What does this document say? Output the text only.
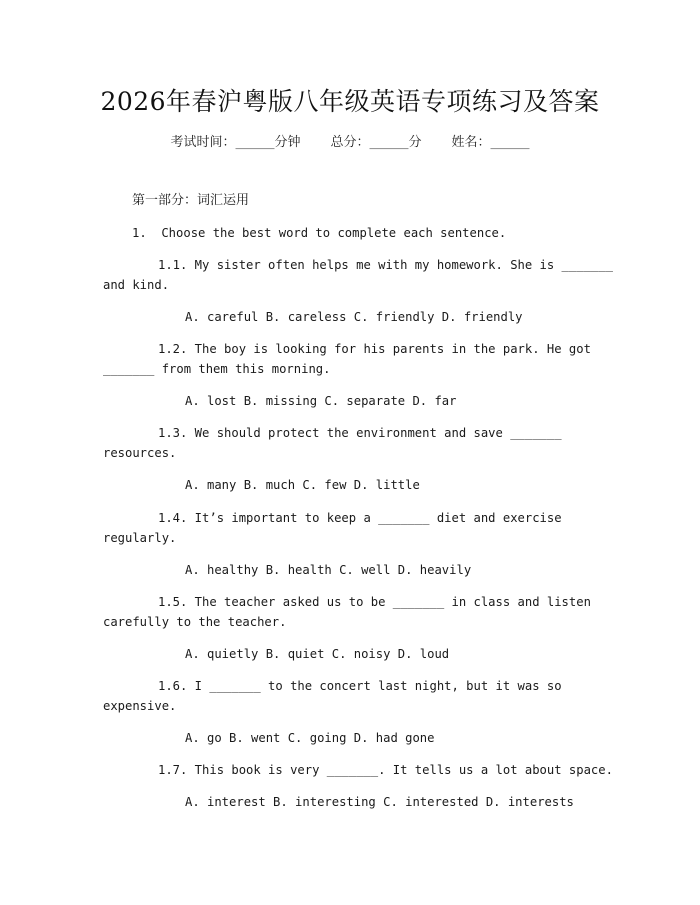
2026年春沪粤版八年级英语专项练习及答案
考试时间：______分钟 总分：______分 姓名：______
第一部分：词汇运用
1.  Choose the best word to complete each sentence.
1.1. My sister often helps me with my homework. She is _______
and kind.
A. careful B. careless C. friendly D. friendly
1.2. The boy is looking for his parents in the park. He got
_______ from them this morning.
A. lost B. missing C. separate D. far
1.3. We should protect the environment and save _______
resources.
A. many B. much C. few D. little
1.4. It’s important to keep a _______ diet and exercise
regularly.
A. healthy B. health C. well D. heavily
1.5. The teacher asked us to be _______ in class and listen
carefully to the teacher.
A. quietly B. quiet C. noisy D. loud
1.6. I _______ to the concert last night, but it was so
expensive.
A. go B. went C. going D. had gone
1.7. This book is very _______. It tells us a lot about space.
A. interest B. interesting C. interested D. interests
